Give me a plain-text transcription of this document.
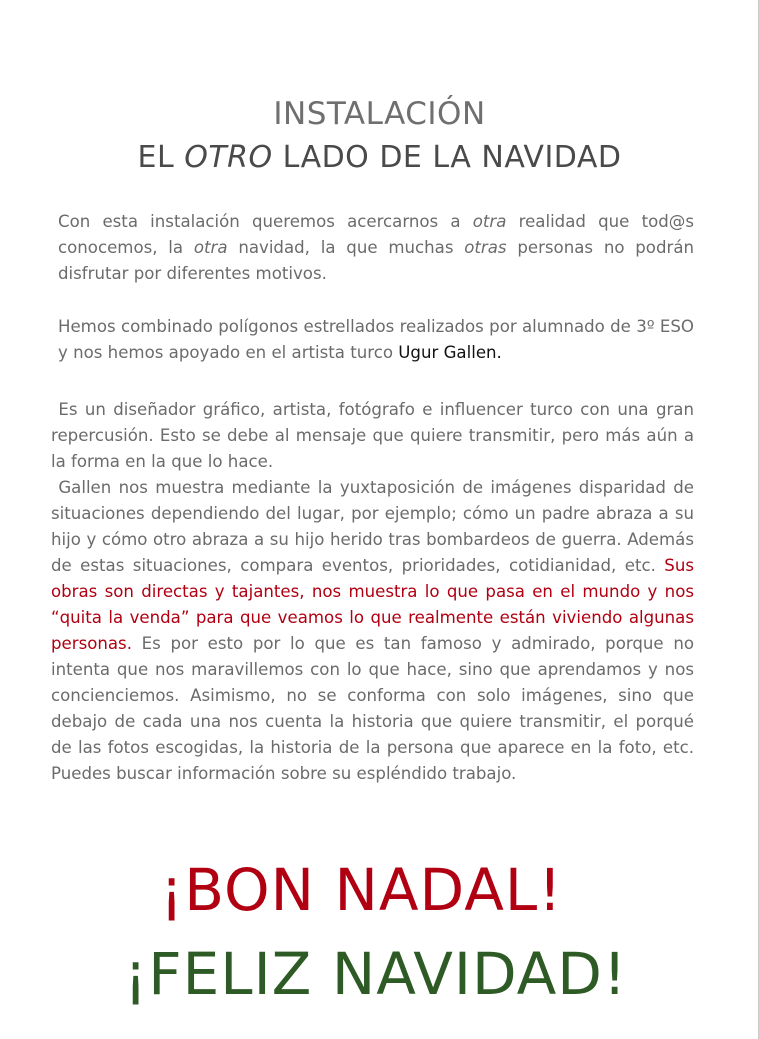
INSTALACIÓN
EL OTRO LADO DE LA NAVIDAD

Con esta instalación queremos acercarnos a otra realidad que tod@s conocemos, la otra navidad, la que muchas otras personas no podrán disfrutar por diferentes motivos.

Hemos combinado polígonos estrellados realizados por alumnado de 3º ESO y nos hemos apoyado en el artista turco Ugur Gallen.

Es un diseñador gráfico, artista, fotógrafo e influencer turco con una gran repercusión. Esto se debe al mensaje que quiere transmitir, pero más aún a la forma en la que lo hace.
Gallen nos muestra mediante la yuxtaposición de imágenes disparidad de situaciones dependiendo del lugar, por ejemplo; cómo un padre abraza a su hijo y cómo otro abraza a su hijo herido tras bombardeos de guerra. Además de estas situaciones, compara eventos, prioridades, cotidianidad, etc. Sus obras son directas y tajantes, nos muestra lo que pasa en el mundo y nos “quita la venda” para que veamos lo que realmente están viviendo algunas personas. Es por esto por lo que es tan famoso y admirado, porque no intenta que nos maravillemos con lo que hace, sino que aprendamos y nos concienciemos. Asimismo, no se conforma con solo imágenes, sino que debajo de cada una nos cuenta la historia que quiere transmitir, el porqué de las fotos escogidas, la historia de la persona que aparece en la foto, etc. Puedes buscar información sobre su espléndido trabajo.
¡BON NADAL!
¡FELIZ NAVIDAD!
